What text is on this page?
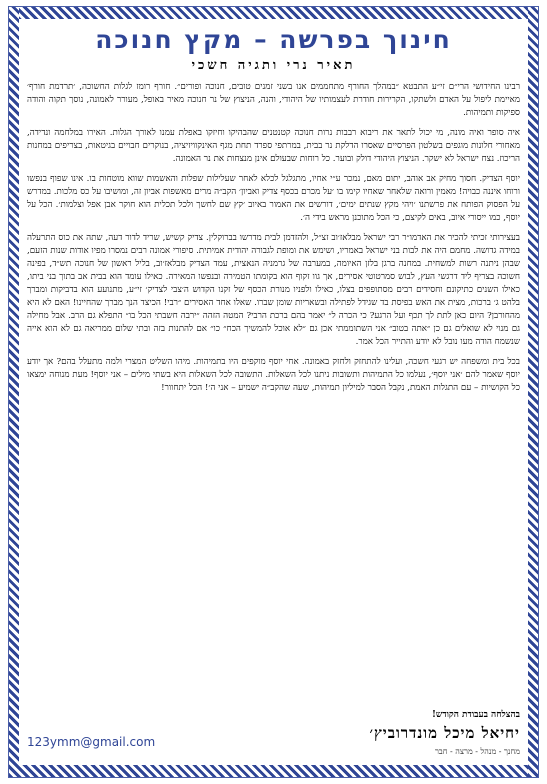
חינוך בפרשה – מקץ חנוכה
תאיר נרי ותגיה חשכי

רבינו החידושי הרי״ם זי״ע התבטא ״במהלך החורף מתחממים אנו בשני זמנים טובים, חנוכה ופורים״. חורף רומז לגלות החשוכה, ׳תרדמת חורף׳ מאיימת ליפול על האדם ולשתקו, הקרירות חודרת לעצמותיו של היהודי, והנה, הניצוץ של נר חנוכה מאיר באופל, מעורר לאמונה, נוסך תקוה והודה ספיקות ותמיהות.

איה סופר ואיה מונה, מי יכול לתאר את ריבוא רבבות נרות חנוכה קטנטנים שהבהיקו וחיזקו באפלת עמנו לאורך הגלות. האירו במלחמה ונדידה, מאחורי חלונות מוגפים בשלטון הפרסיים שאסרו הדלקת נר בבית, במרתפי ספרד תחת מגף האינקוויזיציה, בנוקרים חבויים בגיטאות, בצריפים במחנות הריכוז. נצח ישראל לא ישקר. הניצוץ היהודי דולק ובוער. כל רוחות שבעולם אינן מנצחות את נר האמונה.

יוסף הצדיק. חסוך מחיק אב אוהב, יתום מאם, נמכר ע״י אחיו, מתגלגל לכלא לאחר שעלילות שפלות והאשמות שווא מוטחות בו. אינו שפוף בנפשו ורוחו איננה כבויה! מאמין ורואה שלאחר שאחיו קימו בו ׳על מכרם בכסף צדיק ואביון׳ הקב״ה מרים מאשפות אביון זה, ומושיבו על כס מלכות. במדרש על הפסוק הפותח את פרשתנו ׳ויהי מקץ שנתים ימים׳, דורשים את האמור באיוב ׳קץ שם לחשך ולכל תכלית הוא חוקר אבן אפל וצלמות׳. הכל על יוסף, כמו ייסורי איוב, באים לקיצם, כי הכל מתוכנן מראש בידי ה׳.

בעצירותי זכיתי להכיר את האדמו״ר רבי ישראל מבלאז׳וב זצ״ל, ולהזדמן לבית מדרשו בברוקלין. צדיק קשיש, שריד לדור דעה, שתה את כוס התרעלה במידה גדושה. מחמם היה את לבות בני ישראל באמריו, ושימש את ומופת לגבורה יהודית אמיתית. סיפורי אמונה רבים נמסרו מפיו אודות שנות הזעם, שבהן ניתנה רשות למשחית. במחנה ברגן בלזן האיומה, במערבה של גרמניה הנאצית, עמד הצדיק מבלאז׳וב, בליל ראשון של חנוכה תש״ד, בפינה חשוכה בצריף ליד דרגשי העץ, לבוש סמרטוטי אסירים, אך גוו זקוף הוא בקומתו הטמירה ובנפשו המאירה. כאילו עומד הוא בבית אב בתוך בני ביתו, כאילו השנים כתיקונם וחסידים רבים מסתופפים בצלו, כאילו ולפניו מנורת הכסף של זקנו הקדוש ה׳צבי לצדיק׳ זי״ע, מתנועע הוא בדביקות ומברך בלהט ג׳ ברכות, מצית את האש בפיסת בד שגידל לפתילה ובשאריות שומן שברו. שאלו אחד האסירים ״רבי! הכיצד הנך מברך שהחיינו! האם לא היא מהחורבן? היום כאן לתת לך תכף ועל הרגע? כי הכרה ל״ יאמר בהם ברכת הרבי? המטה הזהה ״ירבה חשבתי הכל בו״ התפלא גם הרב. אבל מחילה גם מנוי לא שואלים גם כן ״אתה בטוב״ אני השתוממתי אכן גם ״לא אוכל להמשיך הכח״ כו״ אם להתנות בזה ובתי שלום ממריאה גם לא הוא אייה שנשמח הודה מעו נובל לא יודע והתייר הכל אמר.

בכל בית ומשפחה יש רגעי חשכה, ועלינו להתחזק ולחזק באמונה. אחי יוסף מוקפים היו בתמיהות. מיהו השליט המצרי ולמה מתעלל בהם? אך יודע יוסף שאמר להם ׳אני יוסף׳, נעלמו כל התמיהות ותשובות ניתנו לכל השאלות. התשובה לכל השאלות היא בשתי מילים – אני יוסף! מעת מנוחה ימצאו כל הקושיות – עם התגלות האמת, נקבל הסבר למיליון תמיהות, שעה שהקב״ה ישמיע – אני ה׳! הכל יתחוור!

בהצלחה בעבודת הקודש!
יחיאל מיכל מונדרוביץ׳
מחנך - מנהל - מרצה - חבר
123ymm@gmail.com
